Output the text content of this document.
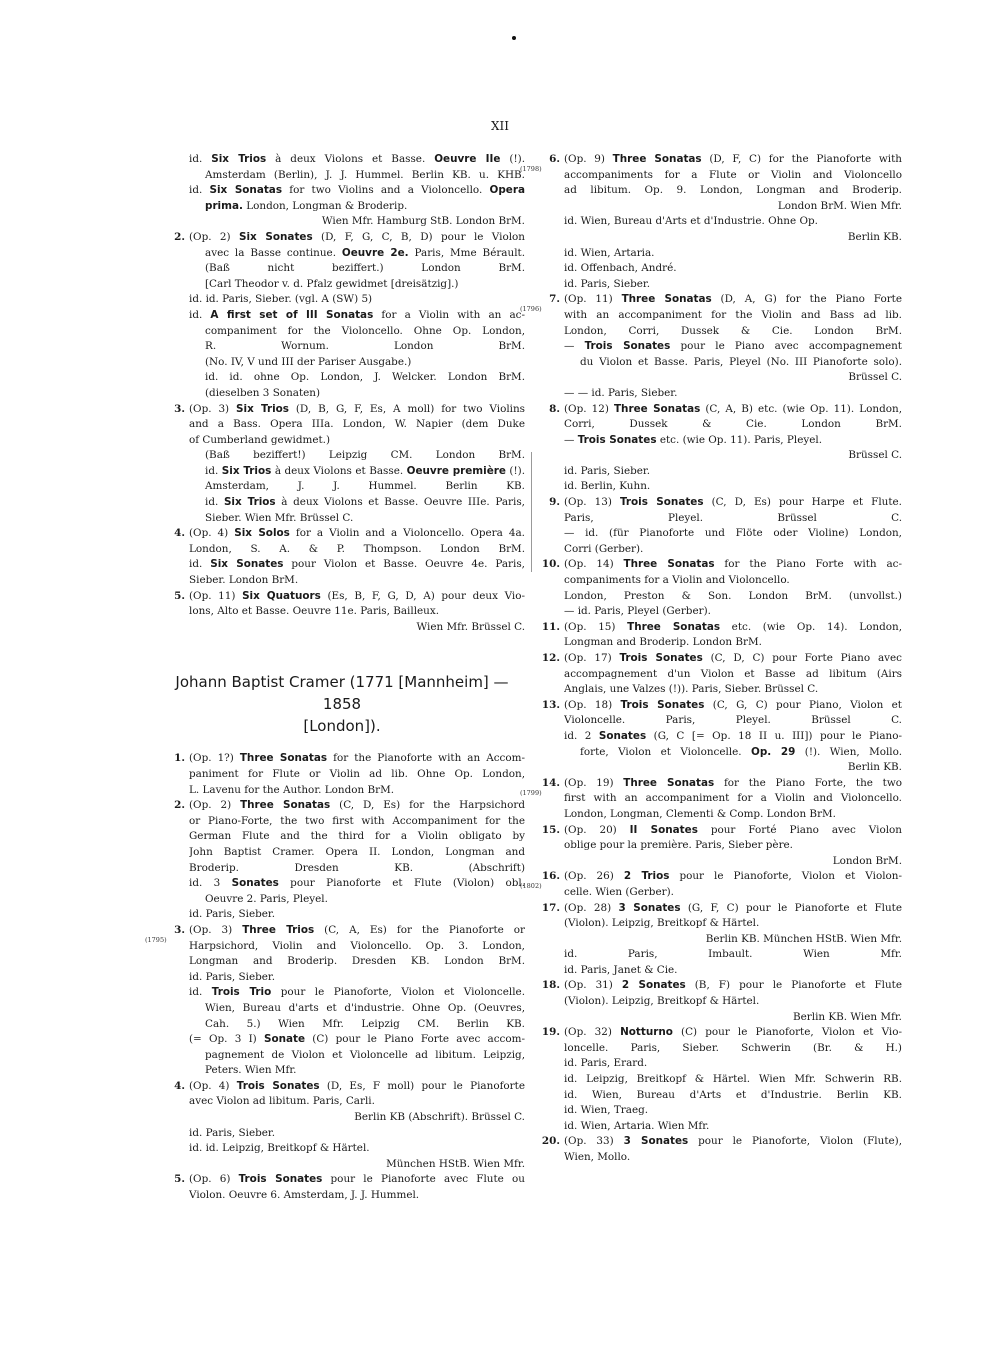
XII
id. Six Trios à deux Violons et Basse. Oeuvre IIe (!).
Amsterdam (Berlin), J. J. Hummel. Berlin KB. u. KHB.
id. Six Sonatas for two Violins and a Violoncello. Opera
prima. London, Longman & Broderip.
Wien Mfr. Hamburg StB. London BrM.
2. (Op. 2) Six Sonates (D, F, G, C, B, D) pour le Violon
avec la Basse continue. Oeuvre 2e. Paris, Mme Bérault.
(Baß nicht beziffert.) London BrM.
[Carl Theodor v. d. Pfalz gewidmet [dreisätzig].)
id. id. Paris, Sieber. (vgl. A (SW) 5)
id. A first set of III Sonatas for a Violin with an ac-
companiment for the Violoncello. Ohne Op. London,
R. Wornum. London BrM.
(No. IV, V und III der Pariser Ausgabe.)
id. id. ohne Op. London, J. Welcker. London BrM.
(dieselben 3 Sonaten)
3. (Op. 3) Six Trios (D, B, G, F, Es, A moll) for two Violins
and a Bass. Opera IIIa. London, W. Napier (dem Duke
of Cumberland gewidmet.)
(Baß beziffert!) Leipzig CM. London BrM.
id. Six Trios à deux Violons et Basse. Oeuvre première (!).
Amsterdam, J. J. Hummel. Berlin KB.
id. Six Trios à deux Violons et Basse. Oeuvre IIIe. Paris,
Sieber. Wien Mfr. Brüssel C.
4. (Op. 4) Six Solos for a Violin and a Violoncello. Opera 4a.
London, S. A. & P. Thompson. London BrM.
id. Six Sonates pour Violon et Basse. Oeuvre 4e. Paris,
Sieber. London BrM.
5. (Op. 11) Six Quatuors (Es, B, F, G, D, A) pour deux Vio-
lons, Alto et Basse. Oeuvre 11e. Paris, Bailleux.
Wien Mfr. Brüssel C.
Johann Baptist Cramer (1771 [Mannheim] — 1858
[London]).
1. (Op. 1?) Three Sonatas for the Pianoforte with an Accom-
paniment for Flute or Violin ad lib. Ohne Op. London,
L. Lavenu for the Author. London BrM.
2. (Op. 2) Three Sonatas (C, D, Es) for the Harpsichord
or Piano-Forte, the two first with Accompaniment for the
German Flute and the third for a Violin obligato by
John Baptist Cramer. Opera II. London, Longman and
Broderip. Dresden KB. (Abschrift)
id. 3 Sonates pour Pianoforte et Flute (Violon) obl.
Oeuvre 2. Paris, Pleyel.
id. Paris, Sieber.
3.
(1795)
(Op. 3) Three Trios (C, A, Es) for the Pianoforte or
Harpsichord, Violin and Violoncello. Op. 3. London,
Longman and Broderip. Dresden KB. London BrM.
id. Paris, Sieber.
id. Trois Trio pour le Pianoforte, Violon et Violoncelle.
Wien, Bureau d'arts et d'industrie. Ohne Op. (Oeuvres,
Cah. 5.) Wien Mfr. Leipzig CM. Berlin KB.
(= Op. 3 I) Sonate (C) pour le Piano Forte avec accom-
pagnement de Violon et Violoncelle ad libitum. Leipzig,
Peters. Wien Mfr.
4. (Op. 4) Trois Sonates (D, Es, F moll) pour le Pianoforte
avec Violon ad libitum. Paris, Carli.
Berlin KB (Abschrift). Brüssel C.
id. Paris, Sieber.
id. id. Leipzig, Breitkopf & Härtel.
München HStB. Wien Mfr.
5. (Op. 6) Trois Sonates pour le Pianoforte avec Flute ou
Violon. Oeuvre 6. Amsterdam, J. J. Hummel.
6.
(1798)
(Op. 9) Three Sonatas (D, F, C) for the Pianoforte with
accompaniments for a Flute or Violin and Violoncello
ad libitum. Op. 9. London, Longman and Broderip.
London BrM. Wien Mfr.
id. Wien, Bureau d'Arts et d'Industrie. Ohne Op.
Berlin KB.
id. Wien, Artaria.
id. Offenbach, André.
id. Paris, Sieber.
7.
(1796)
(Op. 11) Three Sonatas (D, A, G) for the Piano Forte
with an accompaniment for the Violin and Bass ad lib.
London, Corri, Dussek & Cie. London BrM.
— Trois Sonates pour le Piano avec accompagnement
du Violon et Basse. Paris, Pleyel (No. III Pianoforte solo).
Brüssel C.
— — id. Paris, Sieber.
8. (Op. 12) Three Sonatas (C, A, B) etc. (wie Op. 11). London,
Corri, Dussek & Cie. London BrM.
— Trois Sonates etc. (wie Op. 11). Paris, Pleyel.
Brüssel C.
id. Paris, Sieber.
id. Berlin, Kuhn.
9. (Op. 13) Trois Sonates (C, D, Es) pour Harpe et Flute.
Paris, Pleyel. Brüssel C.
— id. (für Pianoforte und Flöte oder Violine) London,
Corri (Gerber).
10. (Op. 14) Three Sonatas for the Piano Forte with ac-
companiments for a Violin and Violoncello.
London, Preston & Son. London BrM. (unvollst.)
— id. Paris, Pleyel (Gerber).
11. (Op. 15) Three Sonatas etc. (wie Op. 14). London,
Longman and Broderip. London BrM.
12. (Op. 17) Trois Sonates (C, D, C) pour Forte Piano avec
accompagnement d'un Violon et Basse ad libitum (Airs
Anglais, une Valzes (!)). Paris, Sieber. Brüssel C.
13. (Op. 18) Trois Sonates (C, G, C) pour Piano, Violon et
Violoncelle. Paris, Pleyel. Brüssel C.
id. 2 Sonates (G, C [= Op. 18 II u. III]) pour le Piano-
forte, Violon et Violoncelle. Op. 29 (!). Wien, Mollo.
Berlin KB.
14.
(1799)
(Op. 19) Three Sonatas for the Piano Forte, the two
first with an accompaniment for a Violin and Violoncello.
London, Longman, Clementi & Comp. London BrM.
15. (Op. 20) II Sonates pour Forté Piano avec Violon
oblige pour la première. Paris, Sieber père.
London BrM.
16.
(1802)
(Op. 26) 2 Trios pour le Pianoforte, Violon et Violon-
celle. Wien (Gerber).
17. (Op. 28) 3 Sonates (G, F, C) pour le Pianoforte et Flute
(Violon). Leipzig, Breitkopf & Härtel.
Berlin KB. München HStB. Wien Mfr.
id. Paris, Imbault. Wien Mfr.
id. Paris, Janet & Cie.
18. (Op. 31) 2 Sonates (B, F) pour le Pianoforte et Flute
(Violon). Leipzig, Breitkopf & Härtel.
Berlin KB. Wien Mfr.
19. (Op. 32) Notturno (C) pour le Pianoforte, Violon et Vio-
loncelle. Paris, Sieber. Schwerin (Br. & H.)
id. Paris, Erard.
id. Leipzig, Breitkopf & Härtel. Wien Mfr. Schwerin RB.
id. Wien, Bureau d'Arts et d'Industrie. Berlin KB.
id. Wien, Traeg.
id. Wien, Artaria. Wien Mfr.
20. (Op. 33) 3 Sonates pour le Pianoforte, Violon (Flute),
Wien, Mollo.
